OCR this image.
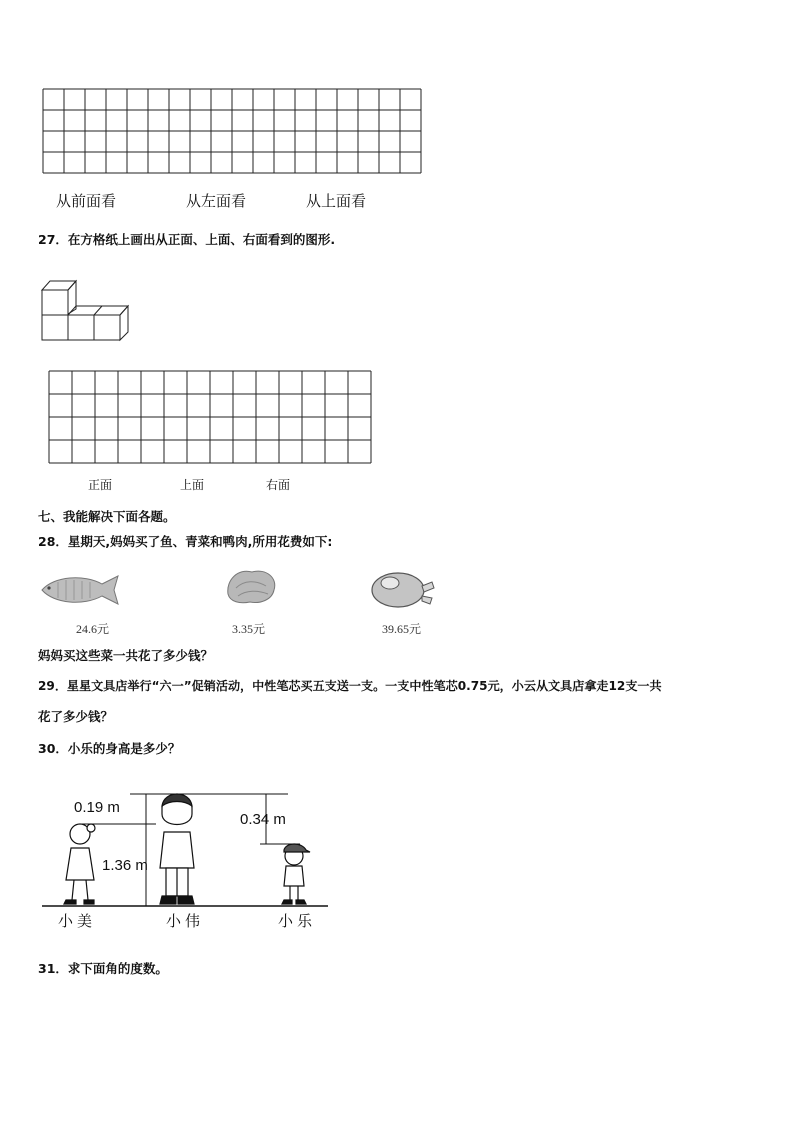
从前面看	从左面看	从上面看
27．在方格纸上画出从正面、上面、右面看到的图形.
正面	上面	右面
七、我能解决下面各题。
28．星期天,妈妈买了鱼、青菜和鸭肉,所用花费如下:
24.6元	3.35元	39.65元
妈妈买这些菜一共花了多少钱？
29．星星文具店举行“六一”促销活动，中性笔芯买五支送一支。一支中性笔芯0.75元，小云从文具店拿走12支一共
花了多少钱？
30．小乐的身高是多少？
0.19 m
1.36 m
0.34 m
小美	小伟	小乐
31．求下面角的度数。
